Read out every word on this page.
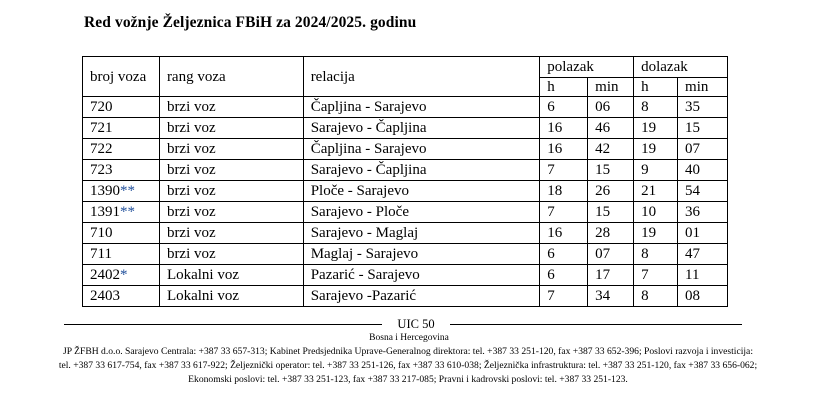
Red vožnje Željeznica FBiH za 2024/2025. godinu
broj voza	rang voza	relacija	polazak		dolazak	
			h	min	h	min
720	brzi voz	Čapljina - Sarajevo	6	06	8	35
721	brzi voz	Sarajevo - Čapljina	16	46	19	15
722	brzi voz	Čapljina - Sarajevo	16	42	19	07
723	brzi voz	Sarajevo - Čapljina	7	15	9	40
1390**	brzi voz	Ploče - Sarajevo	18	26	21	54
1391**	brzi voz	Sarajevo - Ploče	7	15	10	36
710	brzi voz	Sarajevo - Maglaj	16	28	19	01
711	brzi voz	Maglaj - Sarajevo	6	07	8	47
2402*	Lokalni voz	Pazarić - Sarajevo	6	17	7	11
2403	Lokalni voz	Sarajevo -Pazarić	7	34	8	08
UIC 50
Bosna i Hercegovina
JP ŽFBH d.o.o. Sarajevo Centrala: +387 33 657-313; Kabinet Predsjednika Uprave-Generalnog direktora: tel. +387 33 251-120, fax +387 33 652-396; Poslovi razvoja i investicija: tel. +387 33 617-754, fax +387 33 617-922; Željeznički operator: tel. +387 33 251-126, fax +387 33 610-038; Željeznička infrastruktura: tel. +387 33 251-120, fax +387 33 656-062; Ekonomski poslovi: tel. +387 33 251-123, fax +387 33 217-085; Pravni i kadrovski poslovi: tel. +387 33 251-123.
